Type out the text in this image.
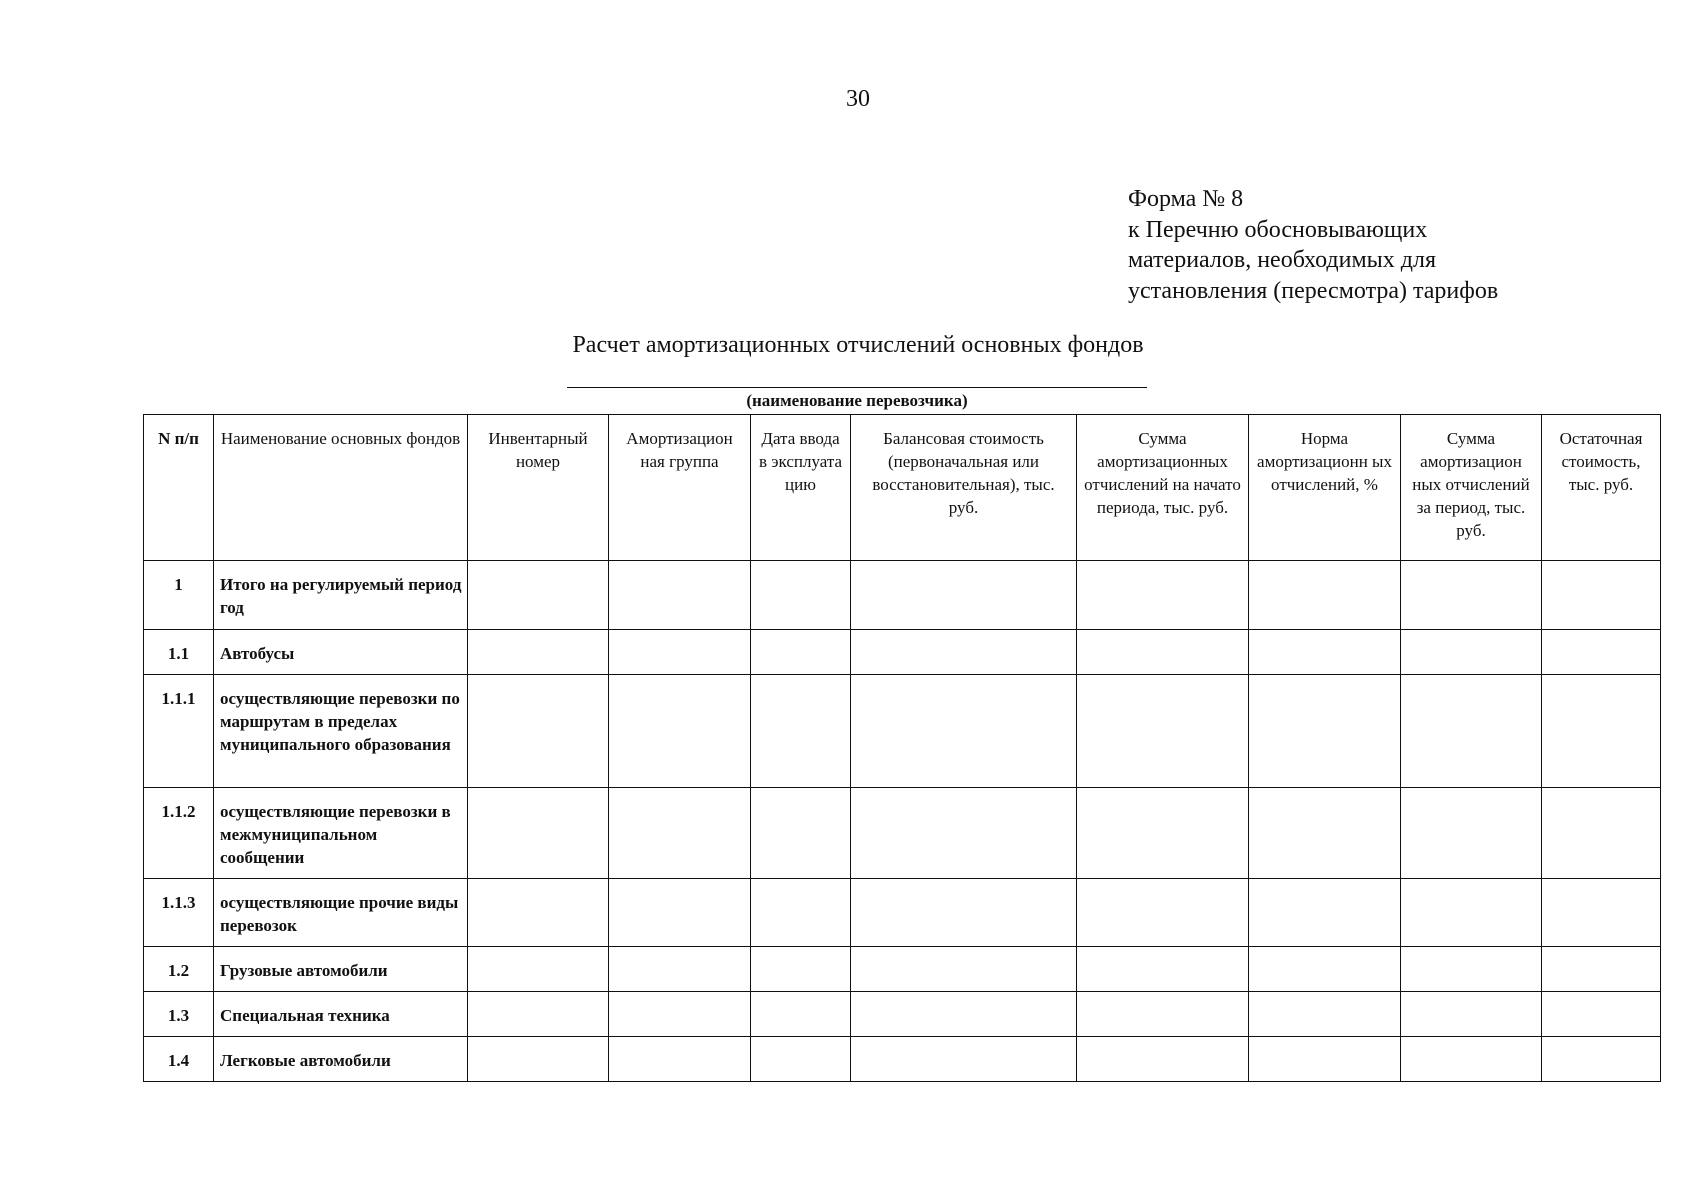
30
Форма № 8
к Перечню обосновывающих
материалов, необходимых для
установления (пересмотра) тарифов
Расчет амортизационных отчислений основных фондов
(наименование перевозчика)
N п/п	Наименование основных фондов	Инвентарный номер	Амортизацион ная группа	Дата ввода в эксплуата цию	Балансовая стоимость (первоначальная или восстановительная), тыс. руб.	Сумма амортизационных отчислений на начато периода, тыс. руб.	Норма амортизационн ых отчислений, %	Сумма амортизацион ных отчислений за период, тыс. руб.	Остаточная стоимость, тыс. руб.
1	Итого на регулируемый период год								
1.1	Автобусы								
1.1.1	осуществляющие перевозки по маршрутам в пределах муниципального образования								
1.1.2	осуществляющие перевозки в межмуниципальном сообщении								
1.1.3	осуществляющие прочие виды перевозок								
1.2	Грузовые автомобили								
1.3	Специальная техника								
1.4	Легковые автомобили								
